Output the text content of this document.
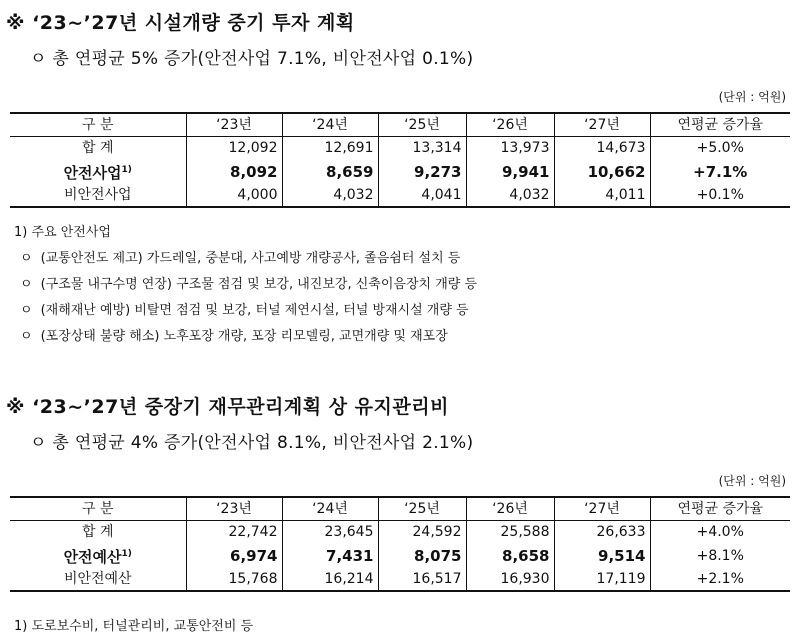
※ ‘23~’27년 시설개량 중기 투자 계획
ㅇ 총 연평균 5% 증가(안전사업 7.1%, 비안전사업 0.1%)
(단위 : 억원)
구 분	‘23년	‘24년	‘25년	‘26년	‘27년	연평균 증가율
합 계	12,092	12,691	13,314	13,973	14,673	+5.0%
안전사업$^{1)}$	8,092	8,659	9,273	9,941	10,662	+7.1%
비안전사업	4,000	4,032	4,041	4,032	4,011	+0.1%
1) 주요 안전사업
ㅇ (교통안전도 제고) 가드레일, 중분대, 사고예방 개량공사, 졸음쉼터 설치 등
ㅇ (구조물 내구수명 연장) 구조물 점검 및 보강, 내진보강, 신축이음장치 개량 등
ㅇ (재해재난 예방) 비탈면 점검 및 보강, 터널 제연시설, 터널 방재시설 개량 등
ㅇ (포장상태 불량 해소) 노후포장 개량, 포장 리모델링, 교면개량 및 재포장
※ ‘23~’27년 중장기 재무관리계획 상 유지관리비
ㅇ 총 연평균 4% 증가(안전사업 8.1%, 비안전사업 2.1%)
(단위 : 억원)
구 분	‘23년	‘24년	‘25년	‘26년	‘27년	연평균 증가율
합 계	22,742	23,645	24,592	25,588	26,633	+4.0%
안전예산$^{1)}$	6,974	7,431	8,075	8,658	9,514	+8.1%
비안전예산	15,768	16,214	16,517	16,930	17,119	+2.1%
1) 도로보수비, 터널관리비, 교통안전비 등
